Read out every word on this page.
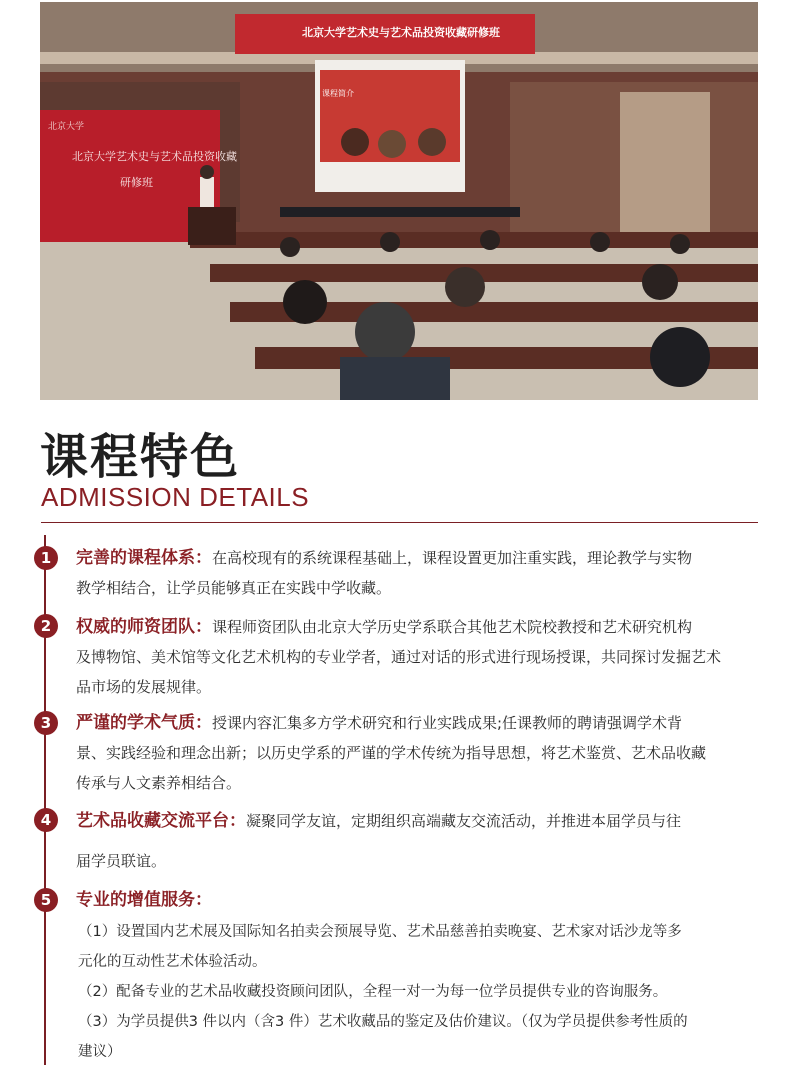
北京大学艺术史与艺术品投资收藏研修班
课程简介
北京大学
北京大学艺术史与艺术品投资收藏
研修班
课程特色
ADMISSION DETAILS
1	完善的课程体系：在高校现有的系统课程基础上，课程设置更加注重实践，理论教学与实物
教学相结合，让学员能够真正在实践中学收藏。
2	权威的师资团队：课程师资团队由北京大学历史学系联合其他艺术院校教授和艺术研究机构
及博物馆、美术馆等文化艺术机构的专业学者，通过对话的形式进行现场授课，共同探讨发掘艺术
品市场的发展规律。
3	严谨的学术气质：授课内容汇集多方学术研究和行业实践成果;任课教师的聘请强调学术背
景、实践经验和理念出新；以历史学系的严谨的学术传统为指导思想，将艺术鉴赏、艺术品收藏
传承与人文素养相结合。
4	艺术品收藏交流平台：凝聚同学友谊，定期组织高端藏友交流活动，并推进本届学员与往
届学员联谊。
5	专业的增值服务：
（1）设置国内艺术展及国际知名拍卖会预展导览、艺术品慈善拍卖晚宴、艺术家对话沙龙等多
元化的互动性艺术体验活动。
（2）配备专业的艺术品收藏投资顾问团队，全程一对一为每一位学员提供专业的咨询服务。
（3）为学员提供3 件以内（含3 件）艺术收藏品的鉴定及估价建议。（仅为学员提供参考性质的
建议）
